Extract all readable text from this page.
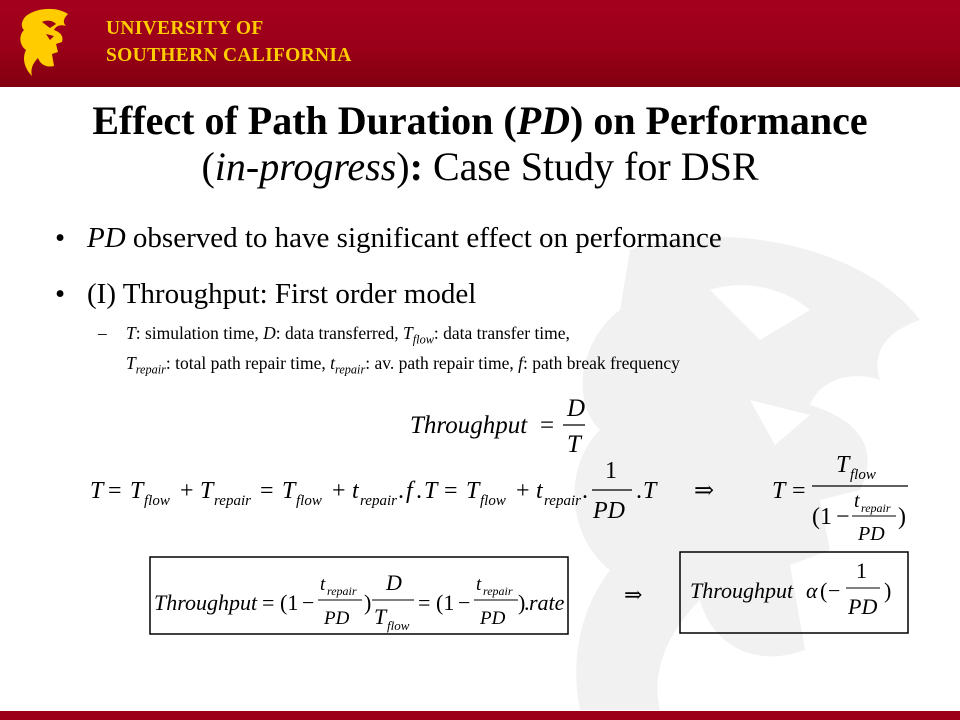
UNIVERSITY OF
SOUTHERN CALIFORNIA
Effect of Path Duration (PD) on Performance
(in-progress): Case Study for DSR
• PD observed to have significant effect on performance
• (I) Throughput: First order model
–	T: simulation time, D: data transferred, $T_{flow}$: data transfer time,
$T_{repair}$: total path repair time, $t_{repair}$: av. path repair time, f: path break frequency
Throughput =
D
T
T = T flow + T repair = T flow + t repair . f . T = T flow + t repair .
1
PD
. T ⇒ T =
T flow
(1 −
t repair
PD
)
Throughput = (1 −
t repair
PD
)
D
T flow
= (1 −
t repair
PD
)
. rate	⇒ Throughput α ( −
1
PD
)
